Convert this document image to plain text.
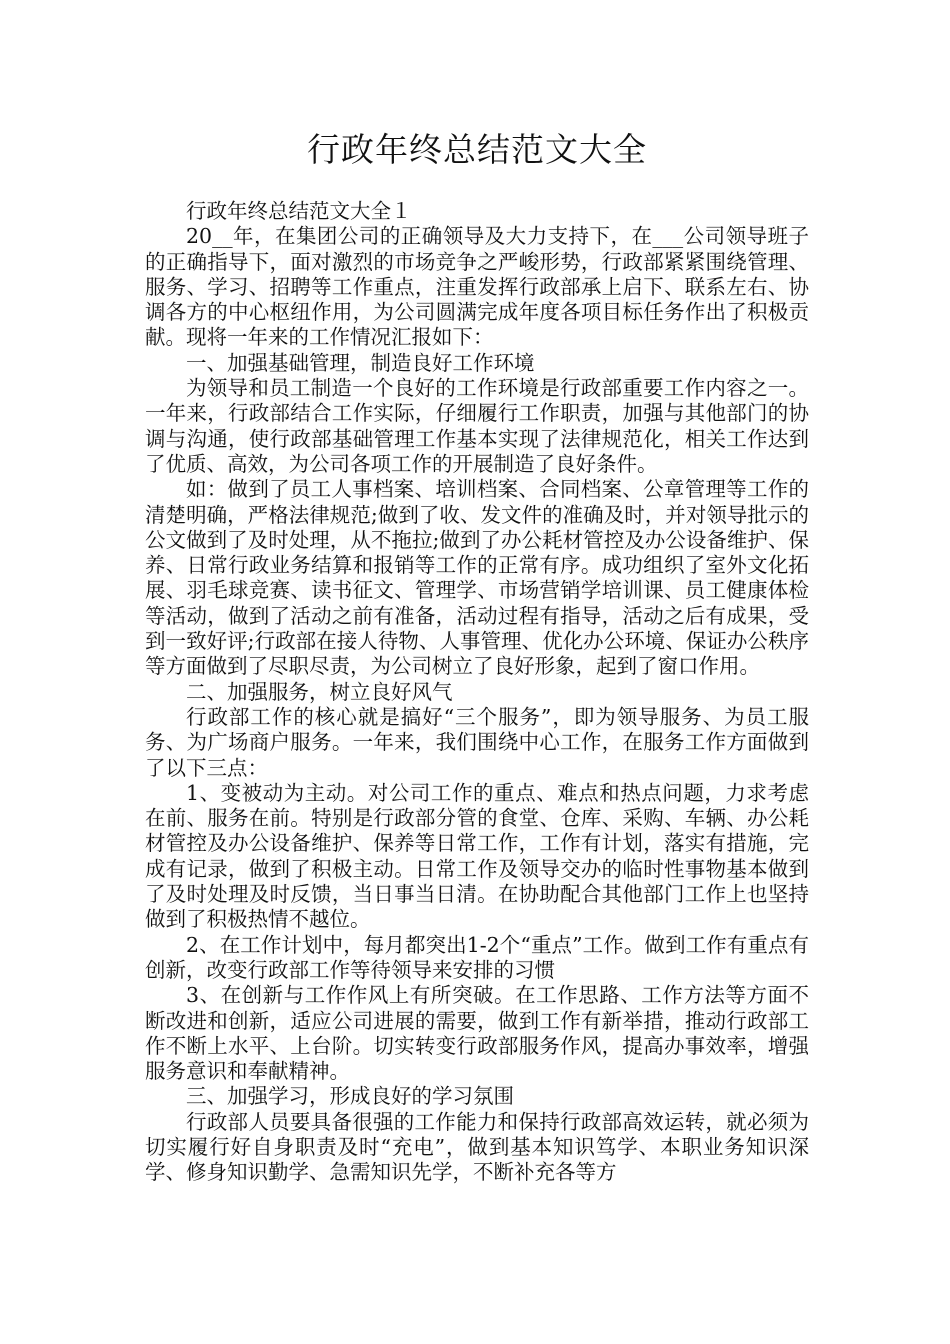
行政年终总结范文大全

行政年终总结范文大全１

20__年，在集团公司的正确领导及大力支持下，在___公司领导班子的正确指导下，面对激烈的市场竞争之严峻形势，行政部紧紧围绕管理、服务、学习、招聘等工作重点，注重发挥行政部承上启下、联系左右、协调各方的中心枢纽作用，为公司圆满完成年度各项目标任务作出了积极贡献。现将一年来的工作情况汇报如下：

一、加强基础管理，制造良好工作环境

为领导和员工制造一个良好的工作环境是行政部重要工作内容之一。一年来，行政部结合工作实际，仔细履行工作职责，加强与其他部门的协调与沟通，使行政部基础管理工作基本实现了法律规范化，相关工作达到了优质、高效，为公司各项工作的开展制造了良好条件。

如：做到了员工人事档案、培训档案、合同档案、公章管理等工作的清楚明确，严格法律规范;做到了收、发文件的准确及时，并对领导批示的公文做到了及时处理，从不拖拉;做到了办公耗材管控及办公设备维护、保养、日常行政业务结算和报销等工作的正常有序。成功组织了室外文化拓展、羽毛球竞赛、读书征文、管理学、市场营销学培训课、员工健康体检等活动，做到了活动之前有准备，活动过程有指导，活动之后有成果，受到一致好评;行政部在接人待物、人事管理、优化办公环境、保证办公秩序等方面做到了尽职尽责，为公司树立了良好形象，起到了窗口作用。

二、加强服务，树立良好风气

行政部工作的核心就是搞好“三个服务”，即为领导服务、为员工服务、为广场商户服务。一年来，我们围绕中心工作，在服务工作方面做到了以下三点：

1、变被动为主动。对公司工作的重点、难点和热点问题，力求考虑在前、服务在前。特别是行政部分管的食堂、仓库、采购、车辆、办公耗材管控及办公设备维护、保养等日常工作，工作有计划，落实有措施，完成有记录，做到了积极主动。日常工作及领导交办的临时性事物基本做到了及时处理及时反馈，当日事当日清。在协助配合其他部门工作上也坚持做到了积极热情不越位。

2、在工作计划中，每月都突出1-2个“重点”工作。做到工作有重点有创新，改变行政部工作等待领导来安排的习惯

3、在创新与工作作风上有所突破。在工作思路、工作方法等方面不断改进和创新，适应公司进展的需要，做到工作有新举措，推动行政部工作不断上水平、上台阶。切实转变行政部服务作风，提高办事效率，增强服务意识和奉献精神。

三、加强学习，形成良好的学习氛围

行政部人员要具备很强的工作能力和保持行政部高效运转，就必须为切实履行好自身职责及时“充电”，做到基本知识笃学、本职业务知识深学、修身知识勤学、急需知识先学，不断补充各等方
